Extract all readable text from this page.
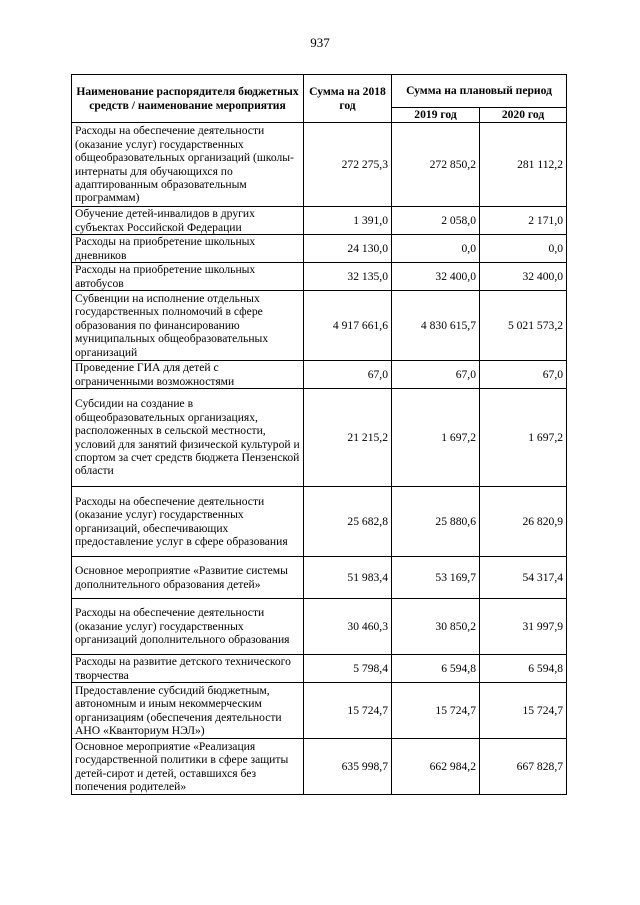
937
Наименование распорядителя бюджетных средств / наименование мероприятия	Сумма на 2018 год	Сумма на плановый период	
		2019 год	2020 год
Расходы на обеспечение деятельности (оказание услуг) государственных общеобразовательных организаций (школы-интернаты для обучающихся по адаптированным образовательным программам)	272 275,3	272 850,2	281 112,2
Обучение детей-инвалидов в других субъектах Российской Федерации	1 391,0	2 058,0	2 171,0
Расходы на приобретение школьных дневников	24 130,0	0,0	0,0
Расходы на приобретение школьных автобусов	32 135,0	32 400,0	32 400,0
Субвенции на исполнение отдельных государственных полномочий в сфере образования по финансированию муниципальных общеобразовательных организаций	4 917 661,6	4 830 615,7	5 021 573,2
Проведение ГИА для детей с ограниченными возможностями	67,0	67,0	67,0
Субсидии на создание в общеобразовательных организациях, расположенных в сельской местности, условий для занятий физической культурой и спортом за счет средств бюджета Пензенской области	21 215,2	1 697,2	1 697,2
Расходы на обеспечение деятельности (оказание услуг) государственных организаций, обеспечивающих предоставление услуг в сфере образования	25 682,8	25 880,6	26 820,9
Основное мероприятие «Развитие системы дополнительного образования детей»	51 983,4	53 169,7	54 317,4
Расходы на обеспечение деятельности (оказание услуг) государственных организаций дополнительного образования	30 460,3	30 850,2	31 997,9
Расходы на развитие детского технического творчества	5 798,4	6 594,8	6 594,8
Предоставление субсидий бюджетным, автономным и иным некоммерческим организациям (обеспечения деятельности АНО «Кванториум НЭЛ»)	15 724,7	15 724,7	15 724,7
Основное мероприятие «Реализация государственной политики в сфере защиты детей-сирот и детей, оставшихся без попечения родителей»	635 998,7	662 984,2	667 828,7
